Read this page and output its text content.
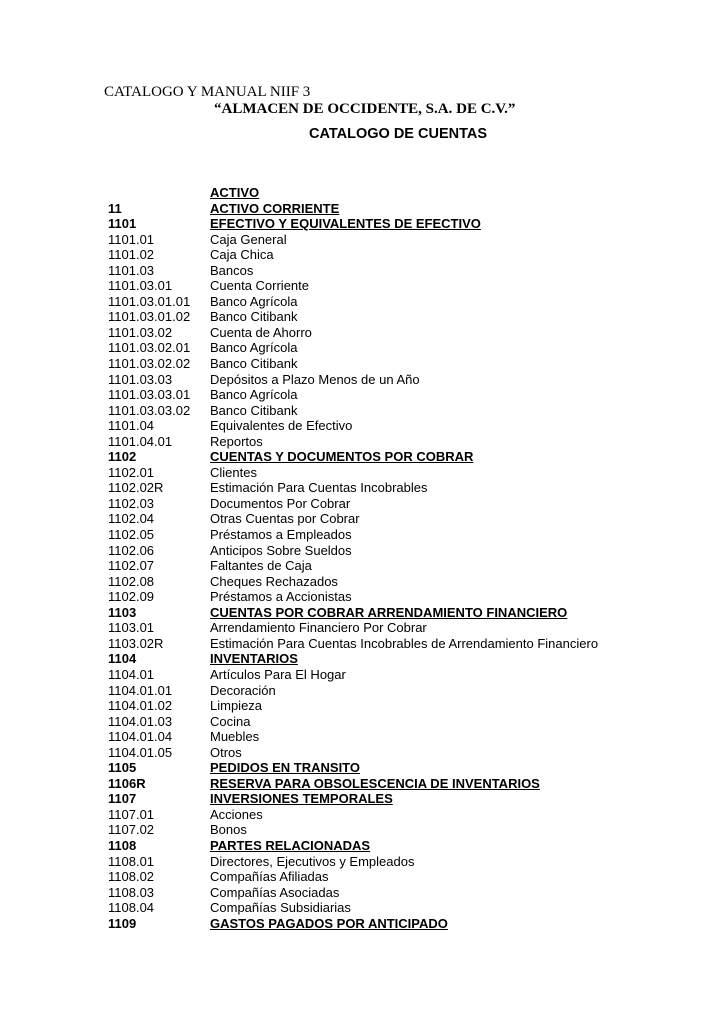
CATALOGO Y MANUAL NIIF 3
“ALMACEN DE OCCIDENTE, S.A. DE C.V.”
CATALOGO DE CUENTAS
ACTIVO
11	ACTIVO CORRIENTE
1101	EFECTIVO Y EQUIVALENTES DE EFECTIVO
1101.01	Caja General
1101.02	Caja Chica
1101.03	Bancos
1101.03.01	Cuenta Corriente
1101.03.01.01 Banco Agrícola
1101.03.01.02 Banco Citibank
1101.03.02	Cuenta de Ahorro
1101.03.02.01 Banco Agrícola
1101.03.02.02 Banco Citibank
1101.03.03	Depósitos a Plazo Menos de un Año
1101.03.03.01 Banco Agrícola
1101.03.03.02 Banco Citibank
1101.04	Equivalentes de Efectivo
1101.04.01	Reportos
1102	CUENTAS Y DOCUMENTOS POR COBRAR
1102.01	Clientes
1102.02R	Estimación Para Cuentas Incobrables
1102.03	Documentos Por Cobrar
1102.04	Otras Cuentas por Cobrar
1102.05	Préstamos a Empleados
1102.06	Anticipos Sobre Sueldos
1102.07	Faltantes de Caja
1102.08	Cheques Rechazados
1102.09	Préstamos a Accionistas
1103	CUENTAS POR COBRAR ARRENDAMIENTO FINANCIERO
1103.01	Arrendamiento Financiero Por Cobrar
1103.02R	Estimación Para Cuentas Incobrables de Arrendamiento Financiero
1104	INVENTARIOS
1104.01	Artículos Para El Hogar
1104.01.01	Decoración
1104.01.02	Limpieza
1104.01.03	Cocina
1104.01.04	Muebles
1104.01.05	Otros
1105	PEDIDOS EN TRANSITO
1106R	RESERVA PARA OBSOLESCENCIA DE INVENTARIOS
1107	INVERSIONES TEMPORALES
1107.01	Acciones
1107.02	Bonos
1108	PARTES RELACIONADAS
1108.01	Directores, Ejecutivos y Empleados
1108.02	Compañías Afiliadas
1108.03	Compañías Asociadas
1108.04	Compañías Subsidiarias
1109	GASTOS PAGADOS POR ANTICIPADO
